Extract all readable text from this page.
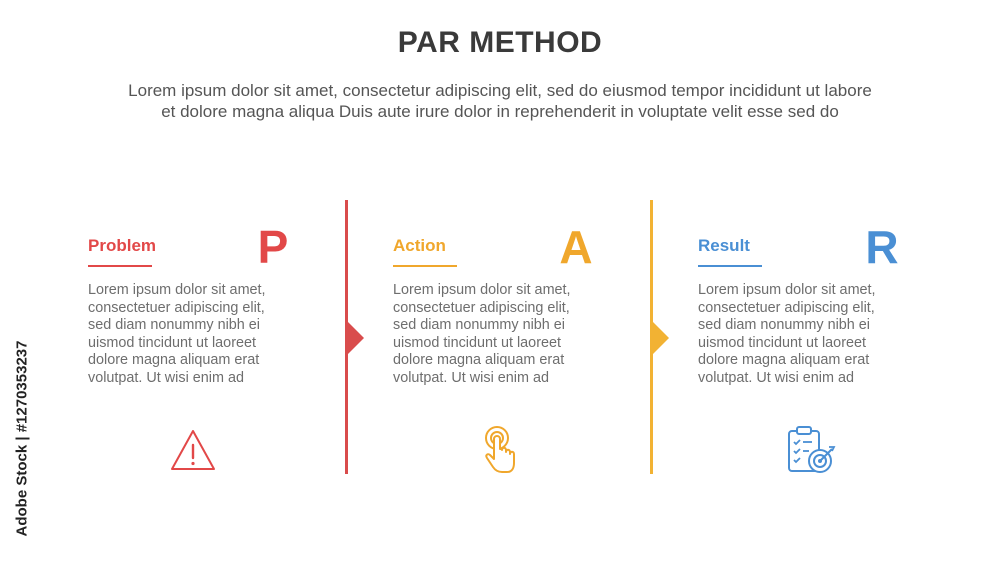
PAR METHOD
Lorem ipsum dolor sit amet, consectetur adipiscing elit, sed do eiusmod tempor incididunt ut labore
et dolore magna aliqua Duis aute irure dolor in reprehenderit in voluptate velit esse sed do
Problem P
Lorem ipsum dolor sit amet,
consectetuer adipiscing elit,
sed diam nonummy nibh ei
uismod tincidunt ut laoreet
dolore magna aliquam erat
volutpat. Ut wisi enim ad
Action A
Lorem ipsum dolor sit amet,
consectetuer adipiscing elit,
sed diam nonummy nibh ei
uismod tincidunt ut laoreet
dolore magna aliquam erat
volutpat. Ut wisi enim ad
Result	R
Lorem ipsum dolor sit amet,
consectetuer adipiscing elit,
sed diam nonummy nibh ei
uismod tincidunt ut laoreet
dolore magna aliquam erat
volutpat. Ut wisi enim ad
Adobe Stock | #1270353237
